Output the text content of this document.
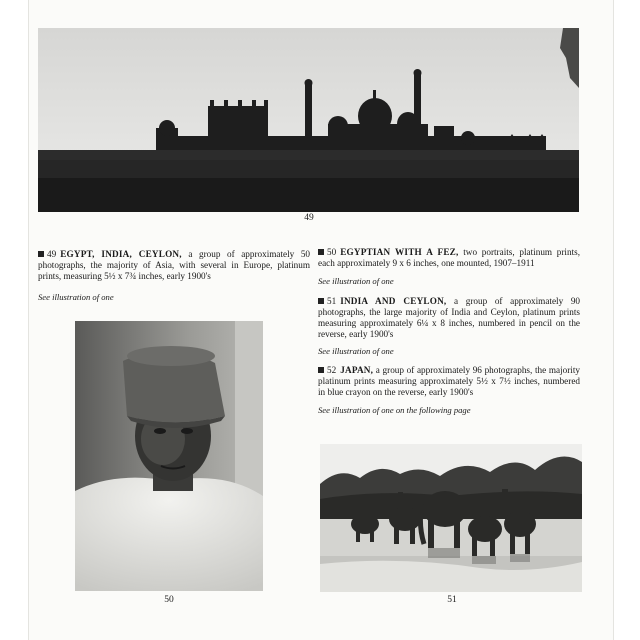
49
49 EGYPT, INDIA, CEYLON, a group of approximately 50 photographs, the majority of Asia, with several in Europe, platinum prints, measuring 5½ x 7¾ inches, early 1900's
See illustration of one
50
50 EGYPTIAN WITH A FEZ, two portraits, platinum prints, each approximately 9 x 6 inches, one mounted, 1907–1911
See illustration of one
51 INDIA AND CEYLON, a group of approximately 90 photographs, the large majority of India and Ceylon, platinum prints measuring approximately 6¼ x 8 inches, numbered in pencil on the reverse, early 1900's
See illustration of one
52 JAPAN, a group of approximately 96 photographs, the majority platinum prints measuring approximately 5½ x 7½ inches, numbered in blue crayon on the reverse, early 1900's
See illustration of one on the following page
51
